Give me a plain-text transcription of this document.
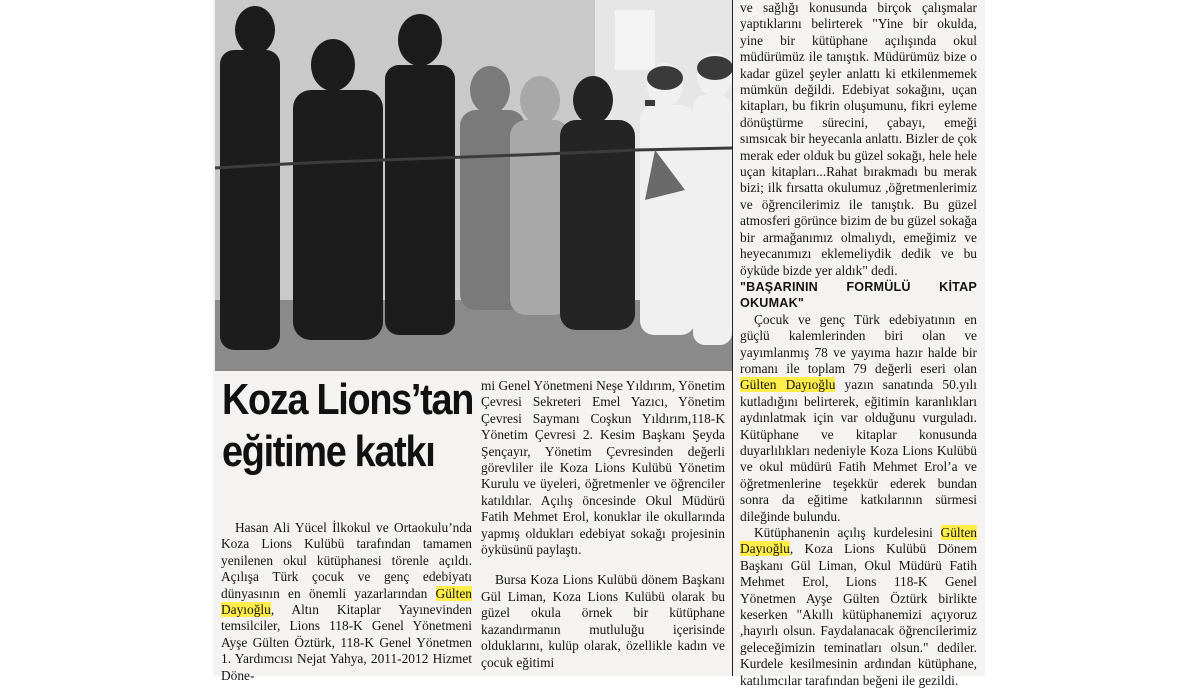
Koza Lions’tan
eğitime katkı

Hasan Ali Yücel İlkokul ve Ortaokulu’nda Koza Lions Kulübü tarafından tamamen yenilenen okul kütüphanesi törenle açıldı. Açılışa Türk çocuk ve genç edebiyatı dünyasının en önemli yazarlarından Gülten Dayıoğlu, Altın Kitaplar Yayınevinden temsilciler, Lions 118-K Genel Yönetmeni Ayşe Gülten Öztürk, 118-K Genel Yönetmen 1. Yardımcısı Nejat Yahya, 2011-2012 Hizmet Döne-

mi Genel Yönetmeni Neşe Yıldırım, Yönetim Çevresi Sekreteri Emel Yazıcı, Yönetim Çevresi Saymanı Coşkun Yıldırım,118-K Yönetim Çevresi 2. Kesim Başkanı Şeyda Şençayır, Yönetim Çevresinden değerli görevliler ile Koza Lions Kulübü Yönetim Kurulu ve üyeleri, öğretmenler ve öğrenciler katıldılar. Açılış öncesinde Okul Müdürü Fatih Mehmet Erol, konuklar ile okullarında yapmış oldukları edebiyat sokağı projesinin öyküsünü paylaştı.

Bursa Koza Lions Kulübü dönem Başkanı Gül Liman, Koza Lions Kulübü olarak bu güzel okula örnek bir kütüphane kazandırmanın mutluluğu içerisinde olduklarını, kulüp olarak, özellikle kadın ve çocuk eğitimi

ve sağlığı konusunda birçok çalışmalar yaptıklarını belirterek "Yine bir okulda, yine bir kütüphane açılışında okul müdürümüz ile tanıştık. Müdürümüz bize o kadar güzel şeyler anlattı ki etkilenmemek mümkün değildi. Edebiyat sokağını, uçan kitapları, bu fikrin oluşumunu, fikri eyleme dönüştürme sürecini, çabayı, emeği sımsıcak bir heyecanla anlattı. Bizler de çok merak eder olduk bu güzel sokağı, hele hele uçan kitapları...Rahat bırakmadı bu merak bizi; ilk fırsatta okulumuz ,öğretmenlerimiz ve öğrencilerimiz ile tanıştık. Bu güzel atmosferi görünce bizim de bu güzel sokağa bir armağanımız olmalıydı, emeğimiz ve heyecanımızı eklemeliydik dedik ve bu öyküde bizde yer aldık" dedi.

"BAŞARININ FORMÜLÜ KİTAP OKUMAK"

Çocuk ve genç Türk edebiyatının en güçlü kalemlerinden biri olan ve yayımlanmış 78 ve yayıma hazır halde bir romanı ile toplam 79 değerli eseri olan Gülten Dayıoğlu yazın sanatında 50.yılı kutladığını belirterek, eğitimin karanlıkları aydınlatmak için var olduğunu vurguladı. Kütüphane ve kitaplar konusunda duyarlılıkları nedeniyle Koza Lions Kulübü ve okul müdürü Fatih Mehmet Erol’a ve öğretmenlerine teşekkür ederek bundan sonra da eğitime katkılarının sürmesi dileğinde bulundu.

Kütüphanenin açılış kurdelesini Gülten Dayıoğlu, Koza Lions Kulübü Dönem Başkanı Gül Liman, Okul Müdürü Fatih Mehmet Erol, Lions 118-K Genel Yönetmen Ayşe Gülten Öztürk birlikte keserken "Akıllı kütüphanemizi açıyoruz ,hayırlı olsun. Faydalanacak öğrencilerimiz geleceğimizin teminatları olsun." dediler. Kurdele kesilmesinin ardından kütüphane, katılımcılar tarafından beğeni ile gezildi.
